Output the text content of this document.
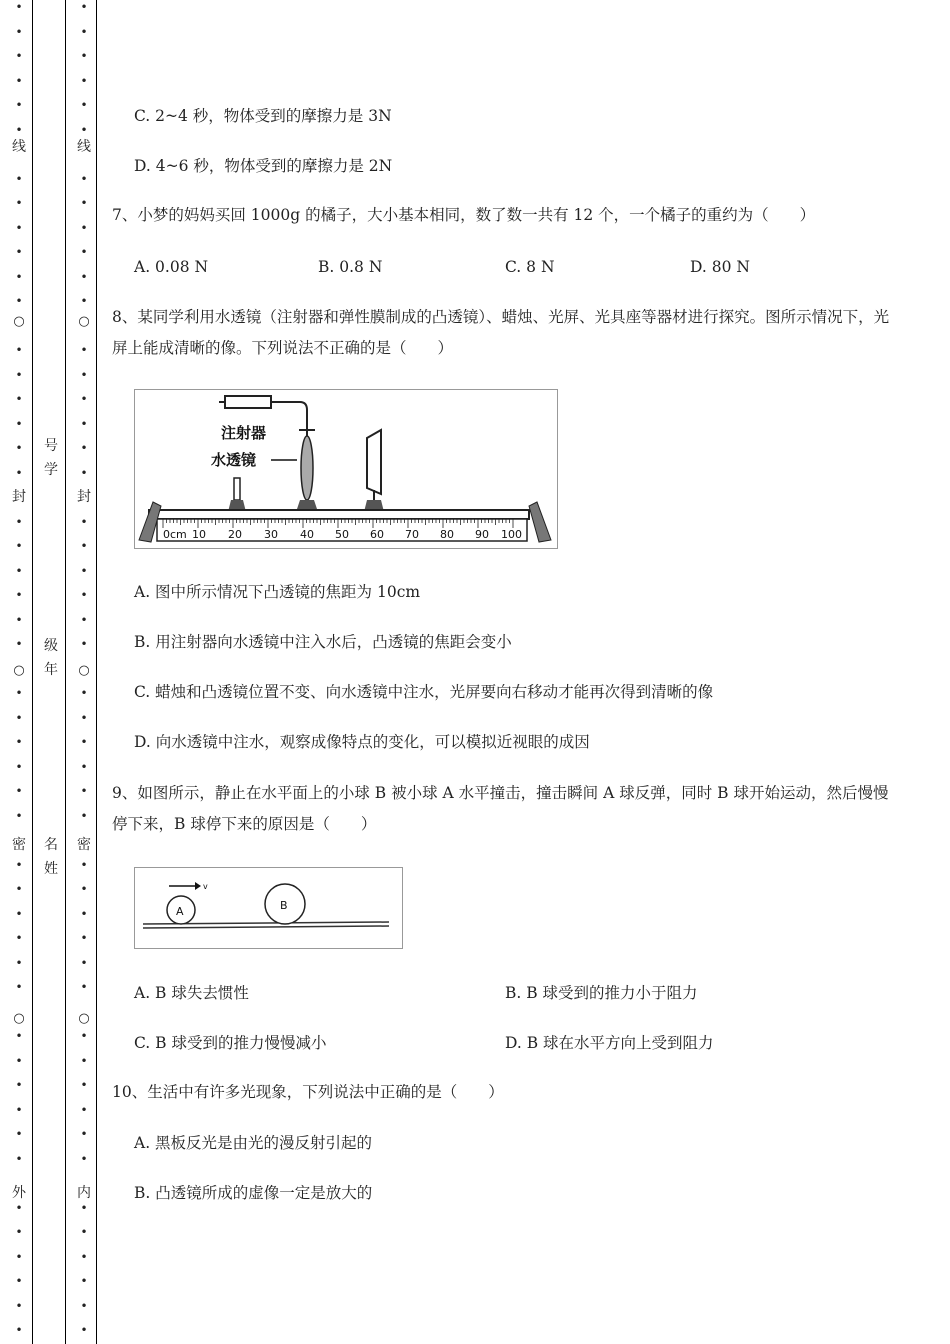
•
•
•
•
•
•
•
•
•
•
•
•
•
•
•
•
•
•
•
•
•
•
•
•
•
•
•
•
•
•
•
•
•
•
•
•
•
•
•
•
•
•
•
•
•
•
•
•
线
○
封
○
密
○
外
•
•
•
•
•
•
•
•
•
•
•
•
•
•
•
•
•
•
•
•
•
•
•
•
•
•
•
•
•
•
•
•
•
•
•
•
•
•
•
•
•
•
•
•
•
•
•
•
线
○
封
○
密
○
内
号
学
级
年
名
姓
C. 2~4 秒，物体受到的摩擦力是 3N
D. 4~6 秒，物体受到的摩擦力是 2N
7、小梦的妈妈买回 1000g 的橘子，大小基本相同，数了数一共有 12 个，一个橘子的重约为（　　）
A. 0.08 N	B. 0.8 N	C. 8 N	D. 80 N
8、某同学利用水透镜（注射器和弹性膜制成的凸透镜）、蜡烛、光屏、光具座等器材进行探究。图所示情况下，光屏上能成清晰的像。下列说法不正确的是（　　）
注射器
水透镜
0cm 10 20 30 40 50 60 70 80 90 100
A. 图中所示情况下凸透镜的焦距为 10cm
B. 用注射器向水透镜中注入水后，凸透镜的焦距会变小
C. 蜡烛和凸透镜位置不变、向水透镜中注水，光屏要向右移动才能再次得到清晰的像
D. 向水透镜中注水，观察成像特点的变化，可以模拟近视眼的成因
9、如图所示，静止在水平面上的小球 B 被小球 A 水平撞击，撞击瞬间 A 球反弹，同时 B 球开始运动，然后慢慢停下来，B 球停下来的原因是（　　）
A	B
v
A. B 球失去惯性	B. B 球受到的推力小于阻力
C. B 球受到的推力慢慢减小	D. B 球在水平方向上受到阻力
10、生活中有许多光现象，下列说法中正确的是（　　）
A. 黑板反光是由光的漫反射引起的
B. 凸透镜所成的虚像一定是放大的
